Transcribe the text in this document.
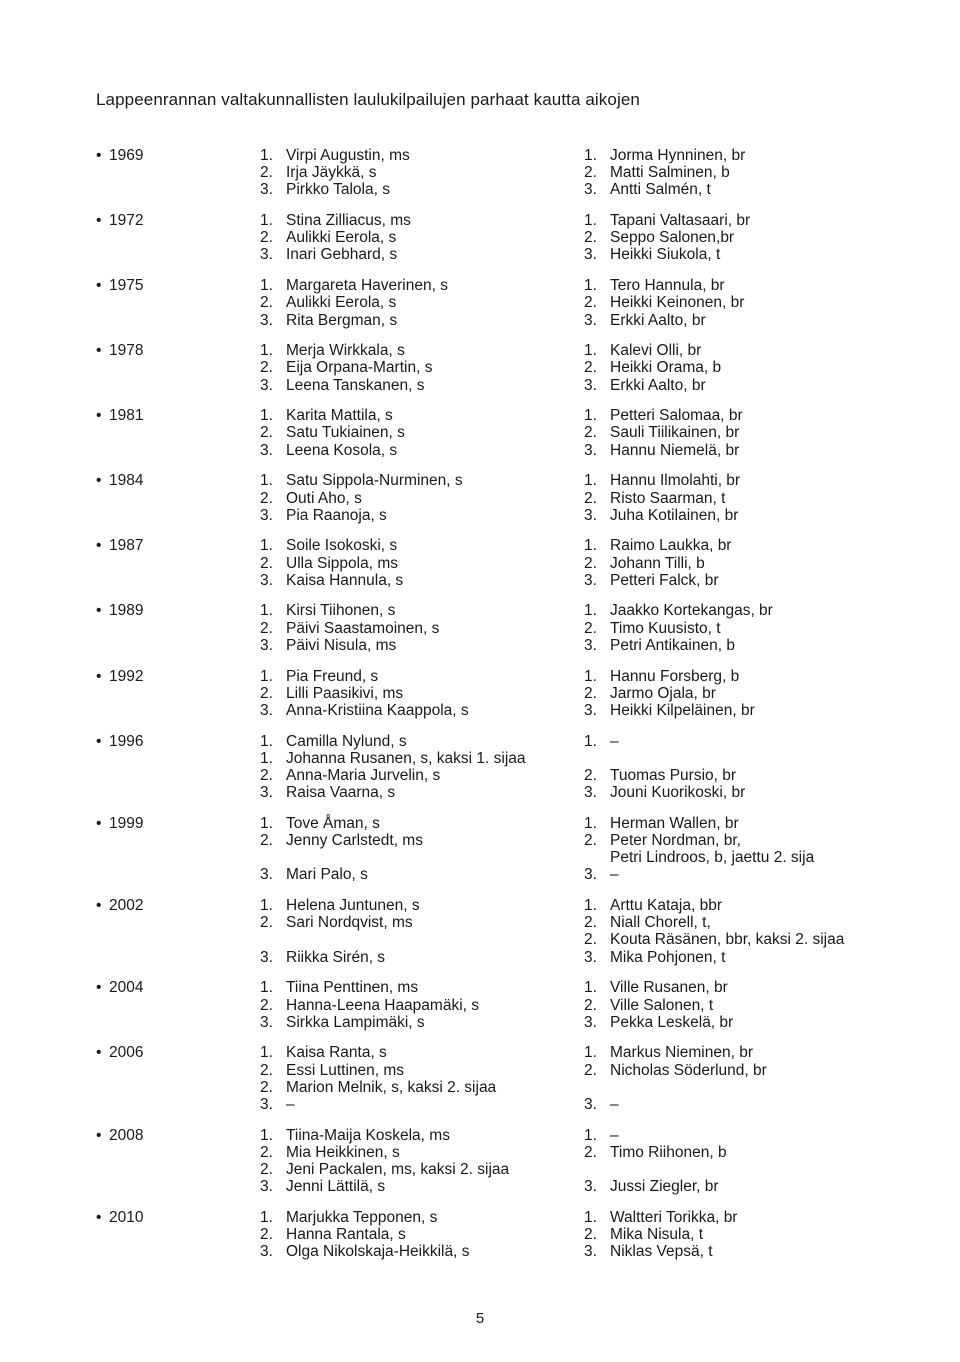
Lappeenrannan valtakunnallisten laulukilpailujen parhaat kautta aikojen
• 1969	1. Virpi Augustin, ms	1. Jorma Hynninen, br
2. Irja Jäykkä, s	2. Matti Salminen, b
3. Pirkko Talola, s	3. Antti Salmén, t
• 1972	1. Stina Zilliacus, ms	1. Tapani Valtasaari, br
2. Aulikki Eerola, s	2. Seppo Salonen,br
3. Inari Gebhard, s	3. Heikki Siukola, t
• 1975	1. Margareta Haverinen, s	1. Tero Hannula, br
2. Aulikki Eerola, s	2. Heikki Keinonen, br
3. Rita Bergman, s	3. Erkki Aalto, br
• 1978	1. Merja Wirkkala, s	1. Kalevi Olli, br
2. Eija Orpana-Martin, s	2. Heikki Orama, b
3. Leena Tanskanen, s	3. Erkki Aalto, br
• 1981	1. Karita Mattila, s	1. Petteri Salomaa, br
2. Satu Tukiainen, s	2. Sauli Tiilikainen, br
3. Leena Kosola, s	3. Hannu Niemelä, br
• 1984	1. Satu Sippola-Nurminen, s	1. Hannu Ilmolahti, br
2. Outi Aho, s	2. Risto Saarman, t
3. Pia Raanoja, s	3. Juha Kotilainen, br
• 1987	1. Soile Isokoski, s	1. Raimo Laukka, br
2. Ulla Sippola, ms	2. Johann Tilli, b
3. Kaisa Hannula, s	3. Petteri Falck, br
• 1989	1. Kirsi Tiihonen, s	1. Jaakko Kortekangas, br
2. Päivi Saastamoinen, s	2. Timo Kuusisto, t
3. Päivi Nisula, ms	3. Petri Antikainen, b
• 1992	1. Pia Freund, s	1. Hannu Forsberg, b
2. Lilli Paasikivi, ms	2. Jarmo Ojala, br
3. Anna-Kristiina Kaappola, s	3. Heikki Kilpeläinen, br
• 1996	1. Camilla Nylund, s	1. –
1. Johanna Rusanen, s, kaksi 1. sijaa
2. Anna-Maria Jurvelin, s	2. Tuomas Pursio, br
3. Raisa Vaarna, s	3. Jouni Kuorikoski, br
• 1999	1. Tove Åman, s	1. Herman Wallen, br
2. Jenny Carlstedt, ms	2. Peter Nordman, br,
Petri Lindroos, b, jaettu 2. sija
3. Mari Palo, s	3. –
• 2002	1. Helena Juntunen, s	1. Arttu Kataja, bbr
2. Sari Nordqvist, ms	2. Niall Chorell, t,
2. Kouta Räsänen, bbr, kaksi 2. sijaa
3. Riikka Sirén, s	3. Mika Pohjonen, t
• 2004	1. Tiina Penttinen, ms	1. Ville Rusanen, br
2. Hanna-Leena Haapamäki, s	2. Ville Salonen, t
3. Sirkka Lampimäki, s	3. Pekka Leskelä, br
• 2006	1. Kaisa Ranta, s	1. Markus Nieminen, br
2. Essi Luttinen, ms	2. Nicholas Söderlund, br
2. Marion Melnik, s, kaksi 2. sijaa
3. –	3. –
• 2008	1. Tiina-Maija Koskela, ms	1. –
2. Mia Heikkinen, s	2. Timo Riihonen, b
2. Jeni Packalen, ms, kaksi 2. sijaa
3. Jenni Lättilä, s	3. Jussi Ziegler, br
• 2010	1. Marjukka Tepponen, s	1. Waltteri Torikka, br
2. Hanna Rantala, s	2. Mika Nisula, t
3. Olga Nikolskaja-Heikkilä, s	3. Niklas Vepsä, t
5
